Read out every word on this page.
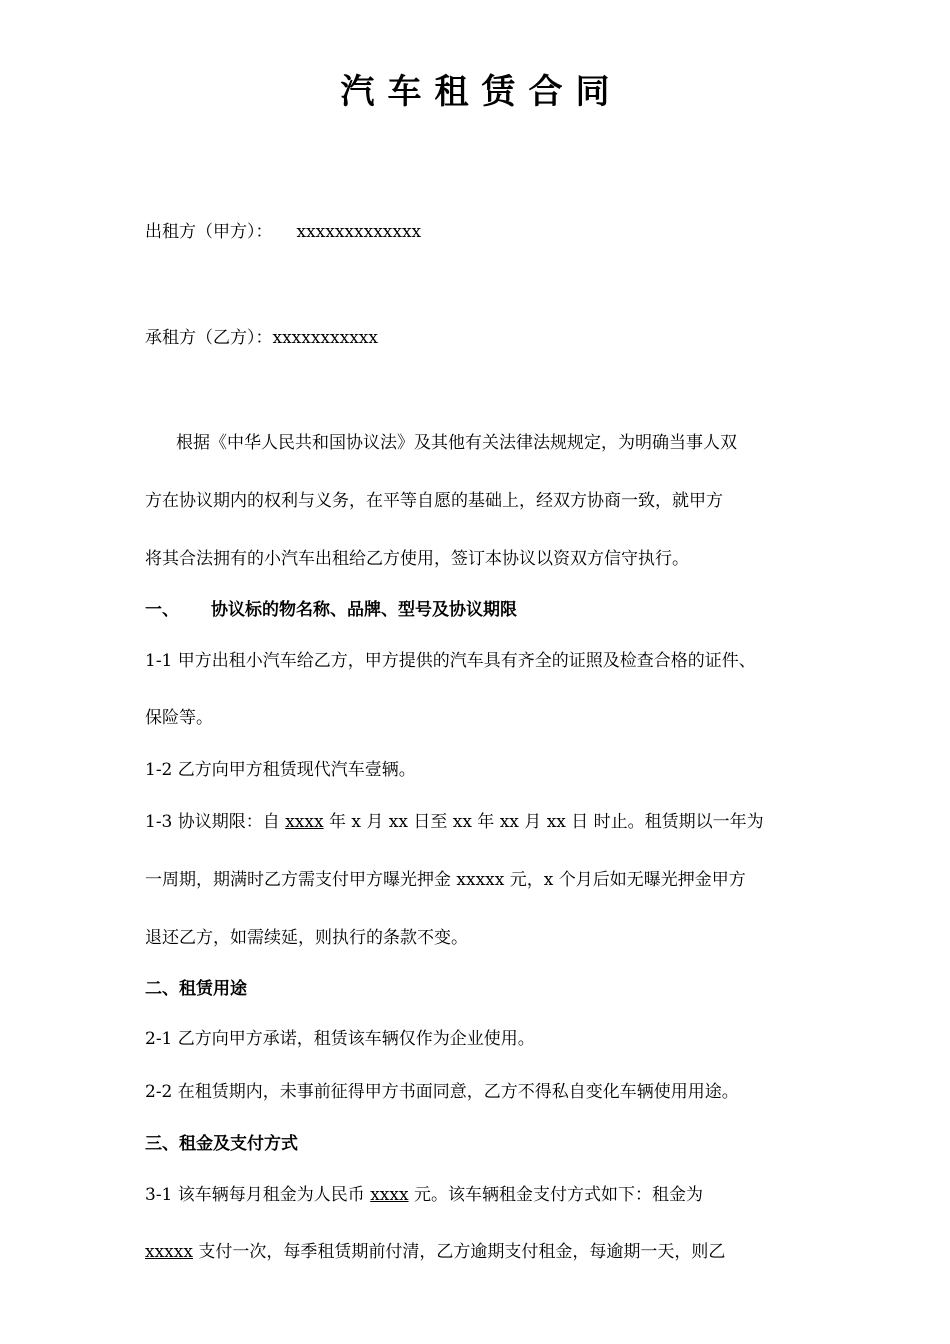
汽车租赁合同
出租方（甲方）： xxxxxxxxxxxxx
承租方（乙方）：xxxxxxxxxxx
根据《中华人民共和国协议法》及其他有关法律法规规定，为明确当事人双
方在协议期内的权利与义务，在平等自愿的基础上，经双方协商一致，就甲方
将其合法拥有的小汽车出租给乙方使用，签订本协议以资双方信守执行。
一、 协议标的物名称、品牌、型号及协议期限
1-1 甲方出租小汽车给乙方，甲方提供的汽车具有齐全的证照及检查合格的证件、
保险等。
1-2 乙方向甲方租赁现代汽车壹辆。
1-3 协议期限：自 xxxx 年 x 月 xx 日至 xx 年 xx 月 xx 日 时止。租赁期以一年为
一周期，期满时乙方需支付甲方曝光押金 xxxxx 元，x 个月后如无曝光押金甲方
退还乙方，如需续延，则执行的条款不变。
二、租赁用途
2-1 乙方向甲方承诺，租赁该车辆仅作为企业使用。
2-2 在租赁期内，未事前征得甲方书面同意，乙方不得私自变化车辆使用用途。
三、租金及支付方式
3-1 该车辆每月租金为人民币 xxxx 元。该车辆租金支付方式如下：租金为
xxxxx 支付一次，每季租赁期前付清，乙方逾期支付租金，每逾期一天，则乙
